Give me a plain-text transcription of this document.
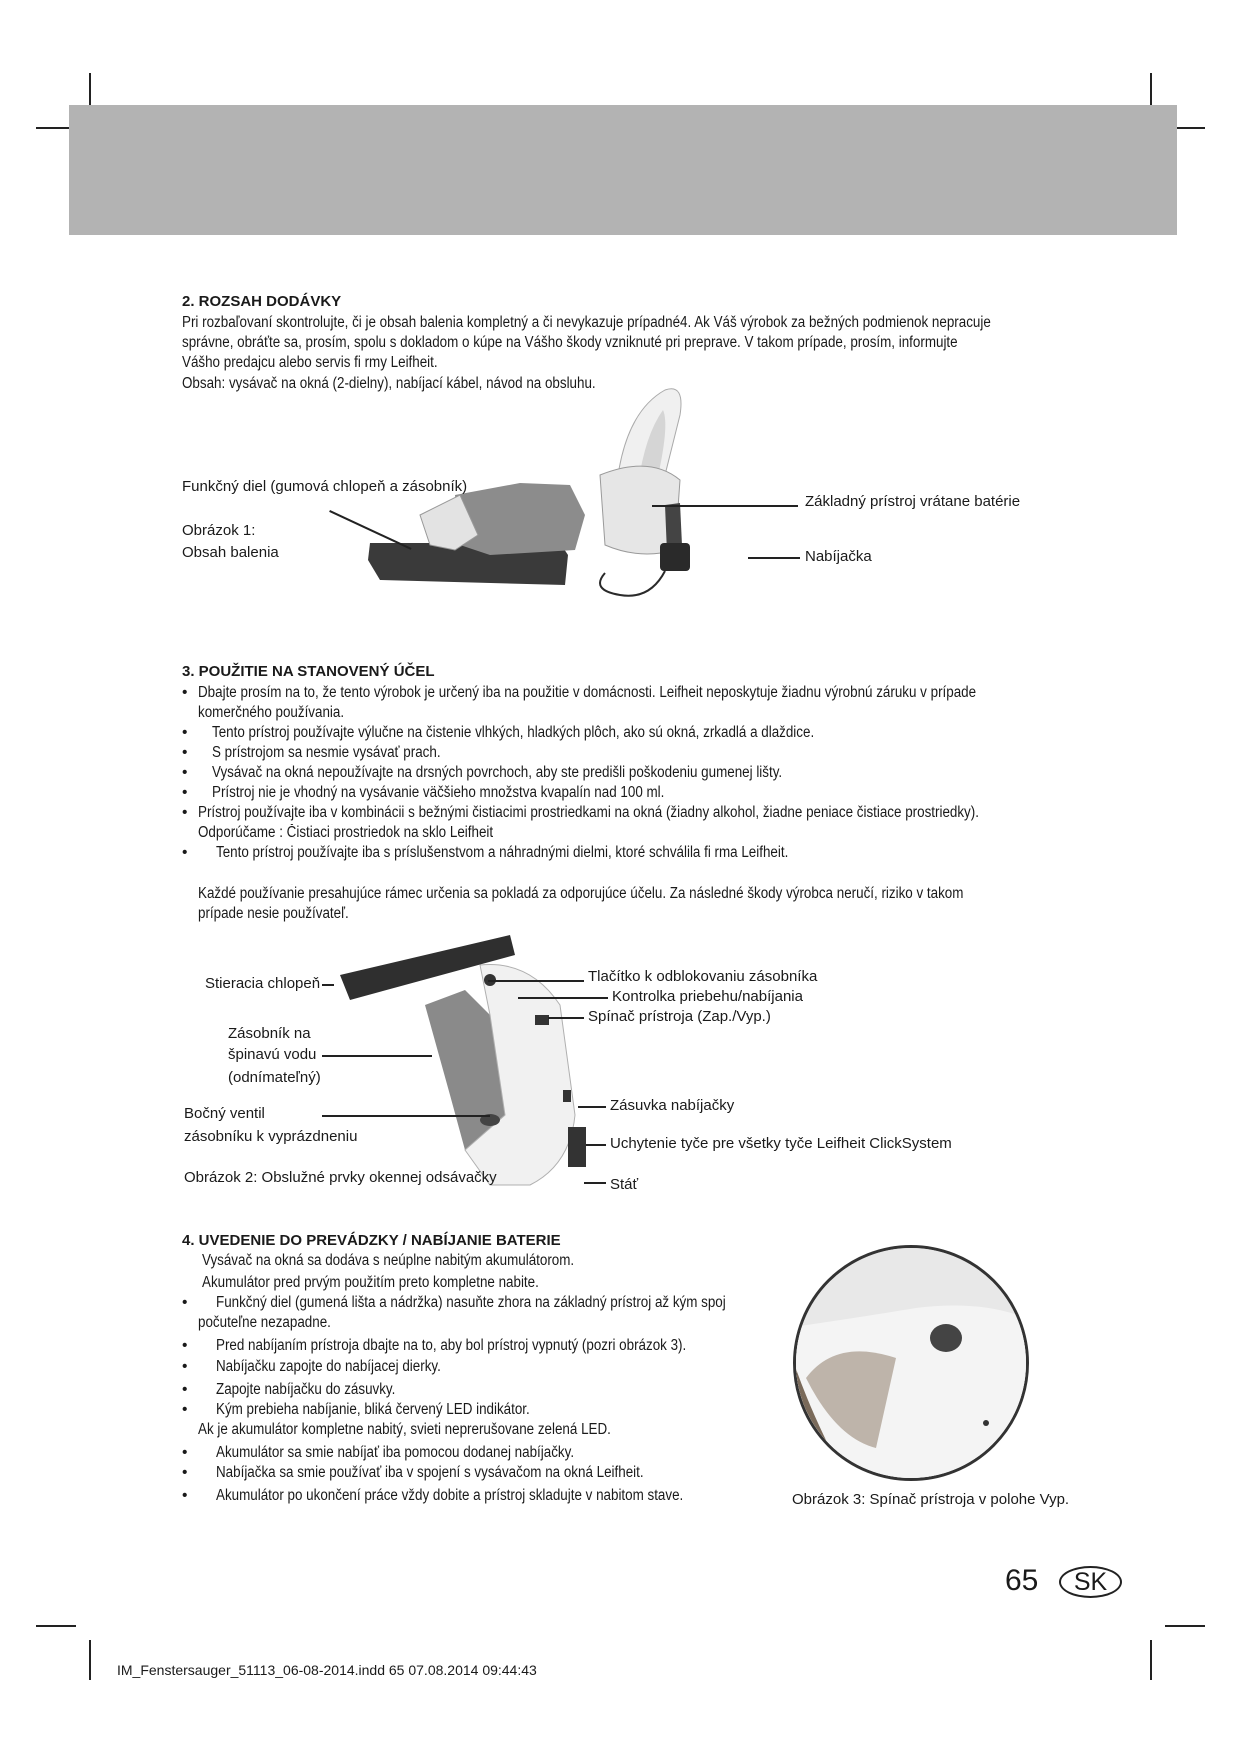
2. ROZSAH DODÁVKY
Pri rozbaľovaní skontrolujte, či je obsah balenia kompletný a či nevykazuje prípadné4. Ak Váš výrobok za bežných podmienok nepracuje
správne, obráťte sa, prosím, spolu s dokladom o kúpe na Vášho škody vzniknuté pri preprave. V takom prípade, prosím, informujte
Vášho predajcu alebo servis fi rmy Leifheit.
Obsah: vysávač na okná (2-dielny), nabíjací kábel, návod na obsluhu.
Funkčný diel (gumová chlopeň a zásobník)
Obrázok 1:
Obsah balenia
Základný prístroj vrátane batérie
Nabíjačka
3. POUŽITIE NA STANOVENÝ ÚČEL
• Dbajte prosím na to, že tento výrobok je určený iba na použitie v domácnosti. Leifheit neposkytuje žiadnu výrobnú záruku v prípade
komerčného používania.
• Tento prístroj používajte výlučne na čistenie vlhkých, hladkých plôch, ako sú okná, zrkadlá a dlaždice.
• S prístrojom sa nesmie vysávať prach.
• Vysávač na okná nepoužívajte na drsných povrchoch, aby ste predišli poškodeniu gumenej lišty.
• Prístroj nie je vhodný na vysávanie väčšieho množstva kvapalín nad 100 ml.
• Prístroj používajte iba v kombinácii s bežnými čistiacimi prostriedkami na okná (žiadny alkohol, žiadne peniace čistiace prostriedky).
Odporúčame : Čistiaci prostriedok na sklo Leifheit
• Tento prístroj používajte iba s príslušenstvom a náhradnými dielmi, ktoré schválila fi rma Leifheit.
Každé používanie presahujúce rámec určenia sa pokladá za odporujúce účelu. Za následné škody výrobca neručí, riziko v takom
prípade nesie používateľ.
Stieracia chlopeň
Zásobník na
špinavú vodu
(odnímateľný)
Bočný ventil
zásobníku k vyprázdneniu
Obrázok 2: Obslužné prvky okennej odsávačky
Tlačítko k odblokovaniu zásobníka
Kontrolka priebehu/nabíjania
Spínač prístroja (Zap./Vyp.)
Zásuvka nabíjačky
Uchytenie tyče pre všetky tyče Leifheit ClickSystem
Stáť
4. UVEDENIE DO PREVÁDZKY / NABÍJANIE BATERIE
Vysávač na okná sa dodáva s neúplne nabitým akumulátorom.
Akumulátor pred prvým použitím preto kompletne nabite.
• Funkčný diel (gumená lišta a nádržka) nasuňte zhora na základný prístroj až kým spoj
počuteľne nezapadne.
• Pred nabíjaním prístroja dbajte na to, aby bol prístroj vypnutý (pozri obrázok 3).
• Nabíjačku zapojte do nabíjacej dierky.
• Zapojte nabíjačku do zásuvky.
• Kým prebieha nabíjanie, bliká červený LED indikátor.
Ak je akumulátor kompletne nabitý, svieti neprerušovane zelená LED.
• Akumulátor sa smie nabíjať iba pomocou dodanej nabíjačky.
• Nabíjačka sa smie používať iba v spojení s vysávačom na okná Leifheit.
• Akumulátor po ukončení práce vždy dobite a prístroj skladujte v nabitom stave.	Obrázok 3: Spínač prístroja v polohe Vyp.
65	SK
IM_Fenstersauger_51113_06-08-2014.indd 65 07.08.2014 09:44:43
